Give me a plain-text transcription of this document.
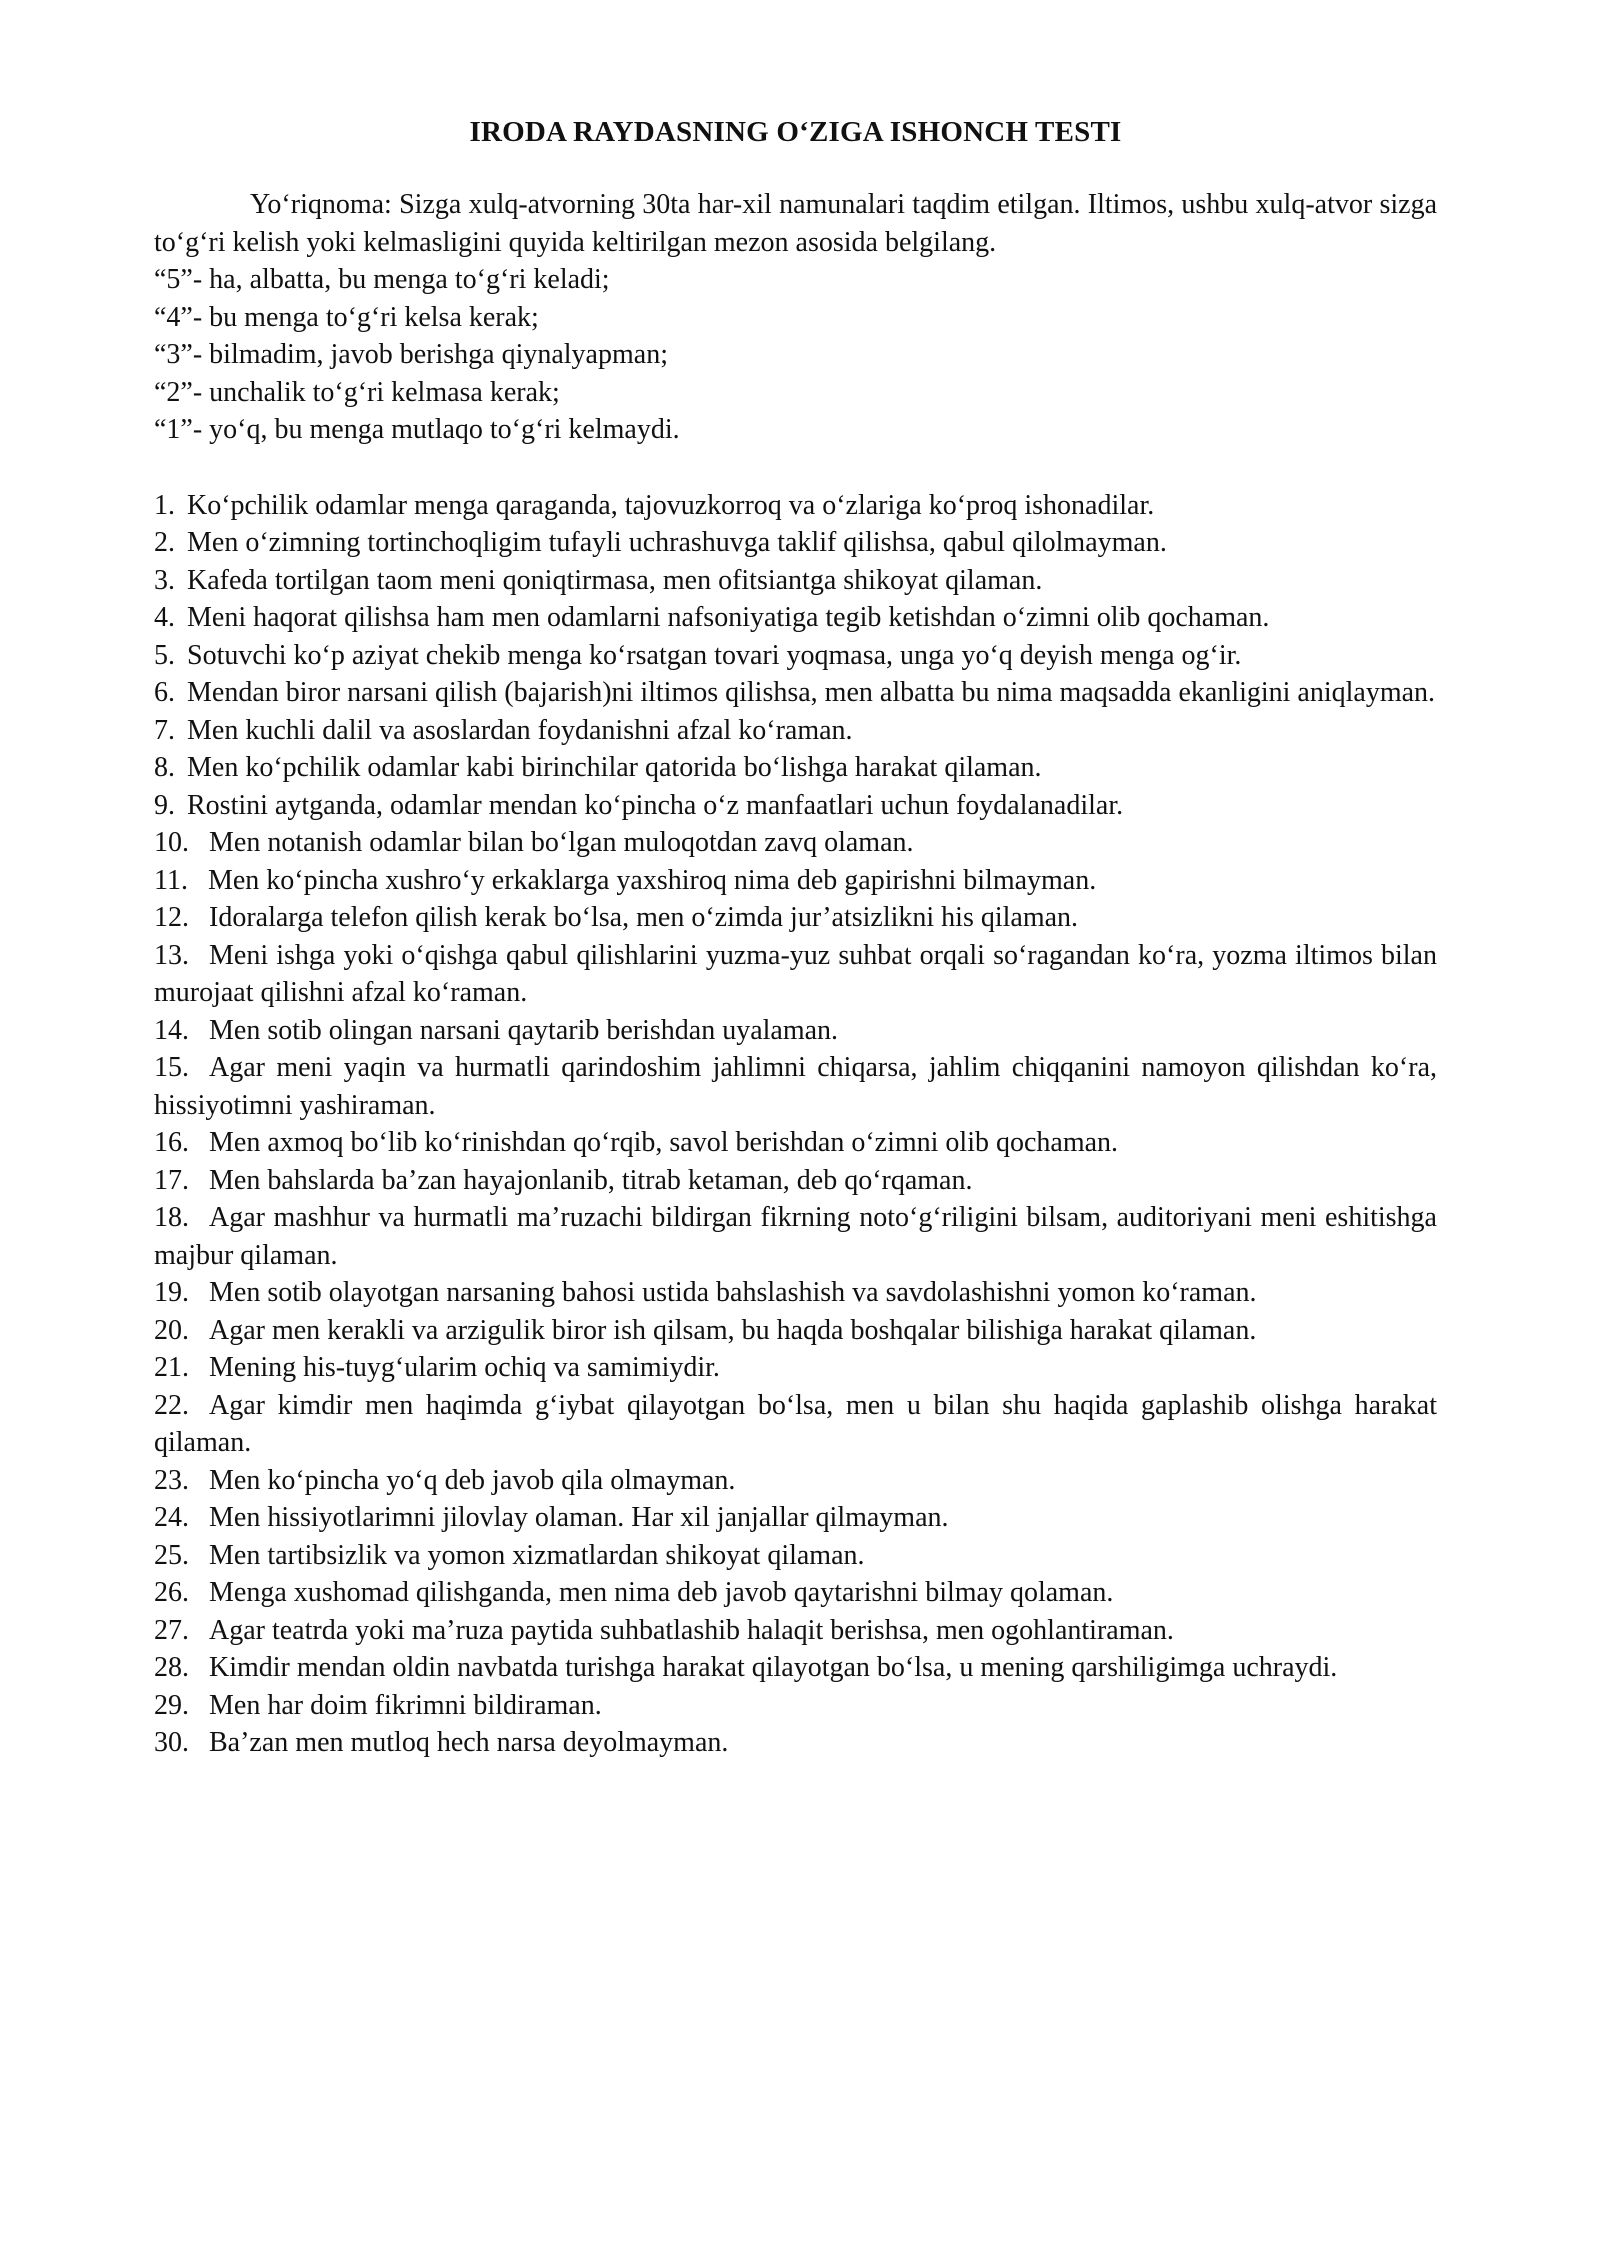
IRODA RAYDASNING O‘ZIGA ISHONCH TESTI

Yo‘riqnoma: Sizga xulq-atvorning 30ta har-xil namunalari taqdim etilgan. Iltimos, ushbu xulq-atvor sizga to‘g‘ri kelish yoki kelmasligini quyida keltirilgan mezon asosida belgilang.

“5”- ha, albatta, bu menga to‘g‘ri keladi;
“4”- bu menga to‘g‘ri kelsa kerak;
“3”- bilmadim, javob berishga qiynalyapman;
“2”- unchalik to‘g‘ri kelmasa kerak;
“1”- yo‘q, bu menga mutlaqo to‘g‘ri kelmaydi.
1. Ko‘pchilik odamlar menga qaraganda, tajovuzkorroq va o‘zlariga ko‘proq ishonadilar.
2. Men o‘zimning tortinchoqligim tufayli uchrashuvga taklif qilishsa, qabul qilolmayman.
3. Kafeda tortilgan taom meni qoniqtirmasa, men ofitsiantga shikoyat qilaman.
4. Meni haqorat qilishsa ham men odamlarni nafsoniyatiga tegib ketishdan o‘zimni olib qochaman.
5. Sotuvchi ko‘p aziyat chekib menga ko‘rsatgan tovari yoqmasa, unga yo‘q deyish menga og‘ir.
6. Mendan biror narsani qilish (bajarish)ni iltimos qilishsa, men albatta bu nima maqsadda ekanligini aniqlayman.
7. Men kuchli dalil va asoslardan foydanishni afzal ko‘raman.
8. Men ko‘pchilik odamlar kabi birinchilar qatorida bo‘lishga harakat qilaman.
9. Rostini aytganda, odamlar mendan ko‘pincha o‘z manfaatlari uchun foydalanadilar.
10. Men notanish odamlar bilan bo‘lgan muloqotdan zavq olaman.
11. Men ko‘pincha xushro‘y erkaklarga yaxshiroq nima deb gapirishni bilmayman.
12. Idoralarga telefon qilish kerak bo‘lsa, men o‘zimda jur’atsizlikni his qilaman.
13. Meni ishga yoki o‘qishga qabul qilishlarini yuzma-yuz suhbat orqali so‘ragandan ko‘ra, yozma iltimos bilan murojaat qilishni afzal ko‘raman.
14. Men sotib olingan narsani qaytarib berishdan uyalaman.
15. Agar meni yaqin va hurmatli qarindoshim jahlimni chiqarsa, jahlim chiqqanini namoyon qilishdan ko‘ra, hissiyotimni yashiraman.
16. Men axmoq bo‘lib ko‘rinishdan qo‘rqib, savol berishdan o‘zimni olib qochaman.
17. Men bahslarda ba’zan hayajonlanib, titrab ketaman, deb qo‘rqaman.
18. Agar mashhur va hurmatli ma’ruzachi bildirgan fikrning noto‘g‘riligini bilsam, auditoriyani meni eshitishga majbur qilaman.
19. Men sotib olayotgan narsaning bahosi ustida bahslashish va savdolashishni yomon ko‘raman.
20. Agar men kerakli va arzigulik biror ish qilsam, bu haqda boshqalar bilishiga harakat qilaman.
21. Mening his-tuyg‘ularim ochiq va samimiydir.
22. Agar kimdir men haqimda g‘iybat qilayotgan bo‘lsa, men u bilan shu haqida gaplashib olishga harakat qilaman.
23. Men ko‘pincha yo‘q deb javob qila olmayman.
24. Men hissiyotlarimni jilovlay olaman. Har xil janjallar qilmayman.
25. Men tartibsizlik va yomon xizmatlardan shikoyat qilaman.
26. Menga xushomad qilishganda, men nima deb javob qaytarishni bilmay qolaman.
27. Agar teatrda yoki ma’ruza paytida suhbatlashib halaqit berishsa, men ogohlantiraman.
28. Kimdir mendan oldin navbatda turishga harakat qilayotgan bo‘lsa, u mening qarshiligimga uchraydi.
29. Men har doim fikrimni bildiraman.
30. Ba’zan men mutloq hech narsa deyolmayman.
